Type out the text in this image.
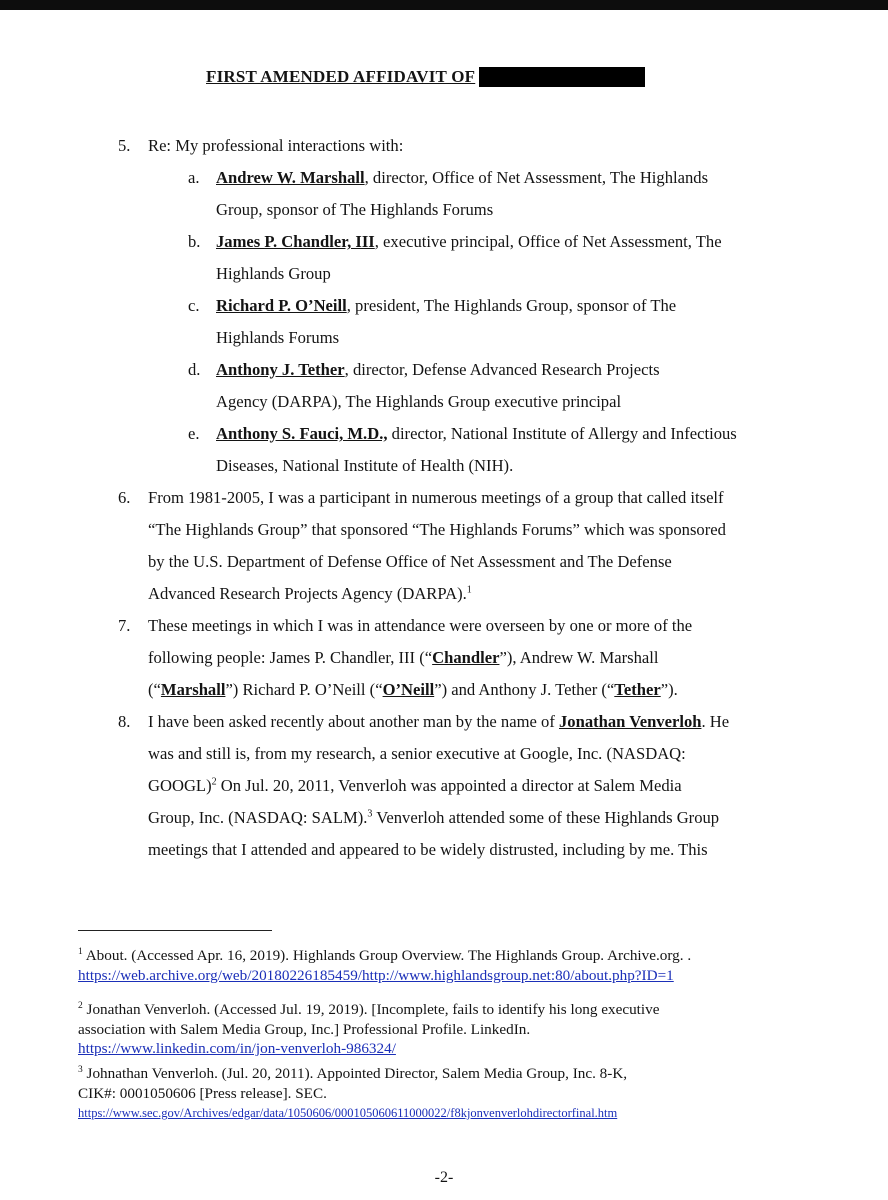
FIRST AMENDED AFFIDAVIT OF
5.	Re: My professional interactions with:
a. Andrew W. Marshall, director, Office of Net Assessment, The Highlands
Group, sponsor of The Highlands Forums
b. James P. Chandler, III, executive principal, Office of Net Assessment, The
Highlands Group
c. Richard P. O’Neill, president, The Highlands Group, sponsor of The
Highlands Forums
d. Anthony J. Tether, director, Defense Advanced Research Projects
Agency (DARPA), The Highlands Group executive principal
e. Anthony S. Fauci, M.D., director, National Institute of Allergy and Infectious
Diseases, National Institute of Health (NIH).
6.	From 1981-2005, I was a participant in numerous meetings of a group that called itself
“The Highlands Group” that sponsored “The Highlands Forums” which was sponsored
by the U.S. Department of Defense Office of Net Assessment and The Defense
Advanced Research Projects Agency (DARPA).$^1$
7.	These meetings in which I was in attendance were overseen by one or more of the
following people: James P. Chandler, III (“Chandler”), Andrew W. Marshall
(“Marshall”) Richard P. O’Neill (“O’Neill”) and Anthony J. Tether (“Tether”).
8.	I have been asked recently about another man by the name of Jonathan Venverloh. He
was and still is, from my research, a senior executive at Google, Inc. (NASDAQ:
GOOGL)$^2$ On Jul. 20, 2011, Venverloh was appointed a director at Salem Media
Group, Inc. (NASDAQ: SALM).$^3$ Venverloh attended some of these Highlands Group
meetings that I attended and appeared to be widely distrusted, including by me. This
$^1$ About. (Accessed Apr. 16, 2019). Highlands Group Overview. The Highlands Group. Archive.org. .
https://web.archive.org/web/20180226185459/http://www.highlandsgroup.net:80/about.php?ID=1
$^2$ Jonathan Venverloh. (Accessed Jul. 19, 2019). [Incomplete, fails to identify his long executive
association with Salem Media Group, Inc.] Professional Profile. LinkedIn.
https://www.linkedin.com/in/jon-venverloh-986324/
$^3$ Johnathan Venverloh. (Jul. 20, 2011). Appointed Director, Salem Media Group, Inc. 8-K,
CIK#: 0001050606 [Press release]. SEC.
https://www.sec.gov/Archives/edgar/data/1050606/000105060611000022/f8kjonvenverlohdirectorfinal.htm
-2-
